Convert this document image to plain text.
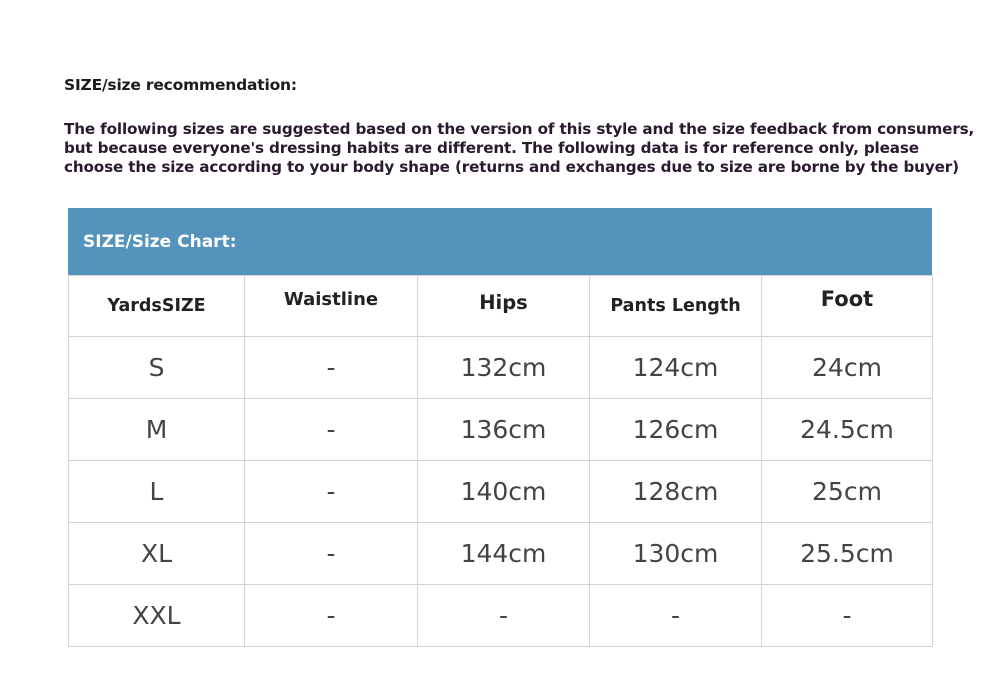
SIZE/size recommendation:
The following sizes are suggested based on the version of this style and the size feedback from consumers,
but because everyone's dressing habits are different. The following data is for reference only, please
choose the size according to your body shape (returns and exchanges due to size are borne by the buyer)
SIZE/Size Chart:
YardsSIZE	Waistline	Hips	Pants Length	Foot
S	-	132cm	124cm	24cm
M	-	136cm	126cm	24.5cm
L	-	140cm	128cm	25cm
XL	-	144cm	130cm	25.5cm
XXL	-	-	-	-
